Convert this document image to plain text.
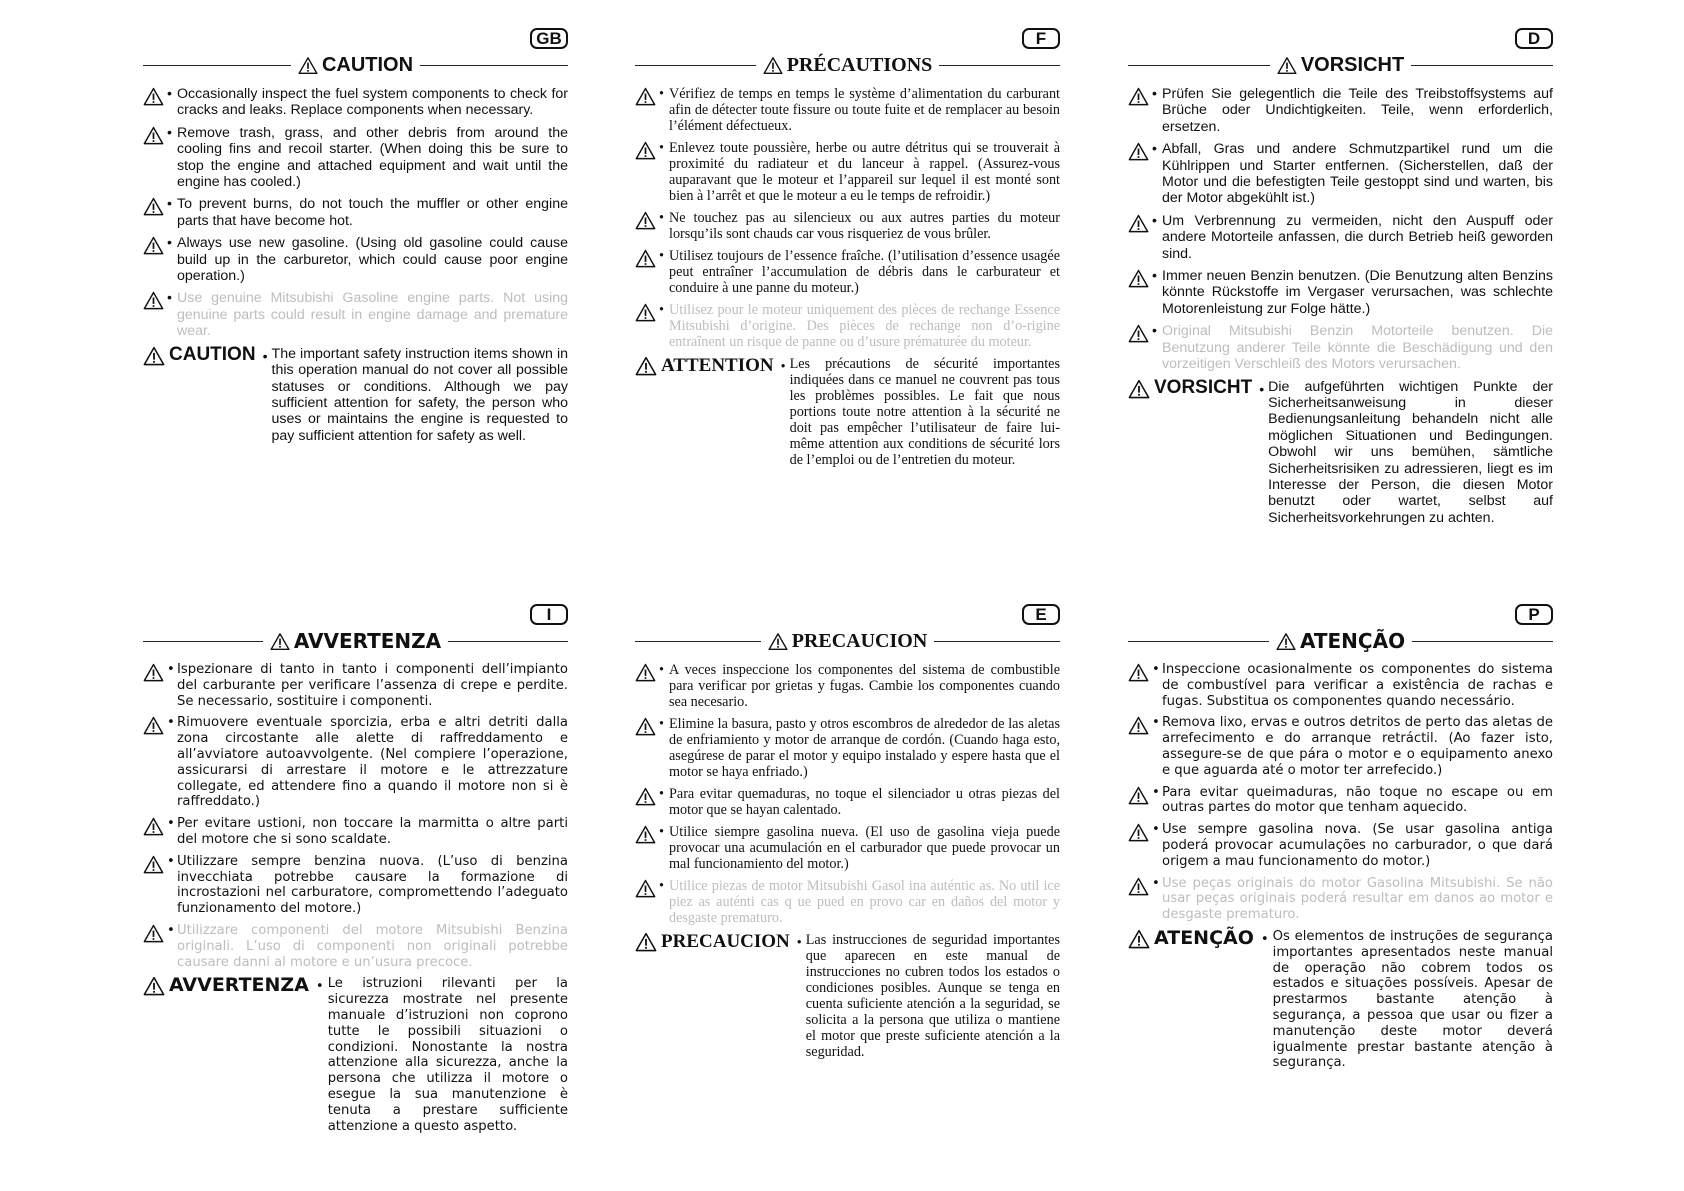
GB
CAUTION
• Occasionally inspect the fuel system components to check for cracks and leaks. Replace components when necessary.
• Remove trash, grass, and other debris from around the cooling fins and recoil starter. (When doing this be sure to stop the engine and attached equipment and wait until the engine has cooled.)
• To prevent burns, do not touch the muffler or other engine parts that have become hot.
• Always use new gasoline. (Using old gasoline could cause build up in the carburetor, which could cause poor engine operation.)
• Use genuine Mitsubishi Gasoline engine parts. Not using genuine parts could result in engine damage and premature wear.
CAUTION • The important safety instruction items shown in this operation manual do not cover all possible statuses or conditions. Although we pay sufficient attention for safety, the person who uses or maintains the engine is requested to pay sufficient attention for safety as well.
F
PRÉCAUTIONS
• Vérifiez de temps en temps le système d’alimentation du carburant afin de détecter toute fissure ou toute fuite et de remplacer au besoin l’élément défectueux.
• Enlevez toute poussière, herbe ou autre détritus qui se trouverait à proximité du radiateur et du lanceur à rappel. (Assurez-vous auparavant que le moteur et l’appareil sur lequel il est monté sont bien à l’arrêt et que le moteur a eu le temps de refroidir.)
• Ne touchez pas au silencieux ou aux autres parties du moteur lorsqu’ils sont chauds car vous risqueriez de vous brûler.
• Utilisez toujours de l’essence fraîche. (l’utilisation d’essence usagée peut entraîner l’accumulation de débris dans le carburateur et conduire à une panne du moteur.)
• Utilisez pour le moteur uniquement des pièces de rechange Essence Mitsubishi d’origine. Des pièces de rechange non d’o-rigine entraînent un risque de panne ou d’usure prématurée du moteur.
ATTENTION • Les précautions de sécurité importantes indiquées dans ce manuel ne couvrent pas tous les problèmes possibles. Le fait que nous portions toute notre attention à la sécurité ne doit pas empêcher l’utilisateur de faire lui-même attention aux conditions de sécurité lors de l’emploi ou de l’entretien du moteur.
D
VORSICHT
• Prüfen Sie gelegentlich die Teile des Treibstoffsystems auf Brüche oder Undichtigkeiten. Teile, wenn erforderlich, ersetzen.
• Abfall, Gras und andere Schmutzpartikel rund um die Kühlrippen und Starter entfernen. (Sicherstellen, daß der Motor und die befestigten Teile gestoppt sind und warten, bis der Motor abgekühlt ist.)
• Um Verbrennung zu vermeiden, nicht den Auspuff oder andere Motorteile anfassen, die durch Betrieb heiß geworden sind.
• Immer neuen Benzin benutzen. (Die Benutzung alten Benzins könnte Rückstoffe im Vergaser verursachen, was schlechte Motorenleistung zur Folge hätte.)
• Original Mitsubishi Benzin Motorteile benutzen. Die Benutzung anderer Teile könnte die Beschädigung und den vorzeitigen Verschleiß des Motors verursachen.
VORSICHT • Die aufgeführten wichtigen Punkte der Sicherheitsanweisung in dieser Bedienungsanleitung behandeln nicht alle möglichen Situationen und Bedingungen. Obwohl wir uns bemühen, sämtliche Sicherheitsrisiken zu adressieren, liegt es im Interesse der Person, die diesen Motor benutzt oder wartet, selbst auf Sicherheitsvorkehrungen zu achten.
I
AVVERTENZA
• Ispezionare di tanto in tanto i componenti dell’impianto del carburante per verificare l’assenza di crepe e perdite. Se necessario, sostituire i componenti.
• Rimuovere eventuale sporcizia, erba e altri detriti dalla zona circostante alle alette di raffreddamento e all’avviatore autoavvolgente. (Nel compiere l’operazione, assicurarsi di arrestare il motore e le attrezzature collegate, ed attendere fino a quando il motore non si è raffreddato.)
• Per evitare ustioni, non toccare la marmitta o altre parti del motore che si sono scaldate.
• Utilizzare sempre benzina nuova. (L’uso di benzina invecchiata potrebbe causare la formazione di incrostazioni nel carburatore, compromettendo l’adeguato funzionamento del motore.)
• Utilizzare componenti del motore Mitsubishi Benzina originali. L’uso di componenti non originali potrebbe causare danni al motore e un’usura precoce.
AVVERTENZA • Le istruzioni rilevanti per la sicurezza mostrate nel presente manuale d’istruzioni non coprono tutte le possibili situazioni o condizioni. Nonostante la nostra attenzione alla sicurezza, anche la persona che utilizza il motore o esegue la sua manutenzione è tenuta a prestare sufficiente attenzione a questo aspetto.
E
PRECAUCION
• A veces inspeccione los componentes del sistema de combustible para verificar por grietas y fugas. Cambie los componentes cuando sea necesario.
• Elimine la basura, pasto y otros escombros de alrededor de las aletas de enfriamiento y motor de arranque de cordón. (Cuando haga esto, asegúrese de parar el motor y equipo instalado y espere hasta que el motor se haya enfriado.)
• Para evitar quemaduras, no toque el silenciador u otras piezas del motor que se hayan calentado.
• Utilice siempre gasolina nueva. (El uso de gasolina vieja puede provocar una acumulación en el carburador que puede provocar un mal funcionamiento del motor.)
• Utilice piezas de motor Mitsubishi Gasol ina auténtic as. No util ice piez as auténti cas q ue pued en provo car en daños del motor y desgaste prematuro.
PRECAUCION • Las instrucciones de seguridad importantes que aparecen en este manual de instrucciones no cubren todos los estados o condiciones posibles. Aunque se tenga en cuenta suficiente atención a la seguridad, se solicita a la persona que utiliza o mantiene el motor que preste suficiente atención a la seguridad.
P
ATENÇÃO
• Inspeccione ocasionalmente os componentes do sistema de combustível para verificar a existência de rachas e fugas. Substitua os componentes quando necessário.
• Remova lixo, ervas e outros detritos de perto das aletas de arrefecimento e do arranque retráctil. (Ao fazer isto, assegure-se de que pára o motor e o equipamento anexo e que aguarda até o motor ter arrefecido.)
• Para evitar queimaduras, não toque no escape ou em outras partes do motor que tenham aquecido.
• Use sempre gasolina nova. (Se usar gasolina antiga poderá provocar acumulações no carburador, o que dará origem a mau funcionamento do motor.)
• Use peças originais do motor Gasolina Mitsubishi. Se não usar peças originais poderá resultar em danos ao motor e desgaste prematuro.
ATENÇÃO • Os elementos de instruções de segurança importantes apresentados neste manual de operação não cobrem todos os estados e situações possíveis. Apesar de prestarmos bastante atenção à segurança, a pessoa que usar ou fizer a manutenção deste motor deverá igualmente prestar bastante atenção à segurança.
